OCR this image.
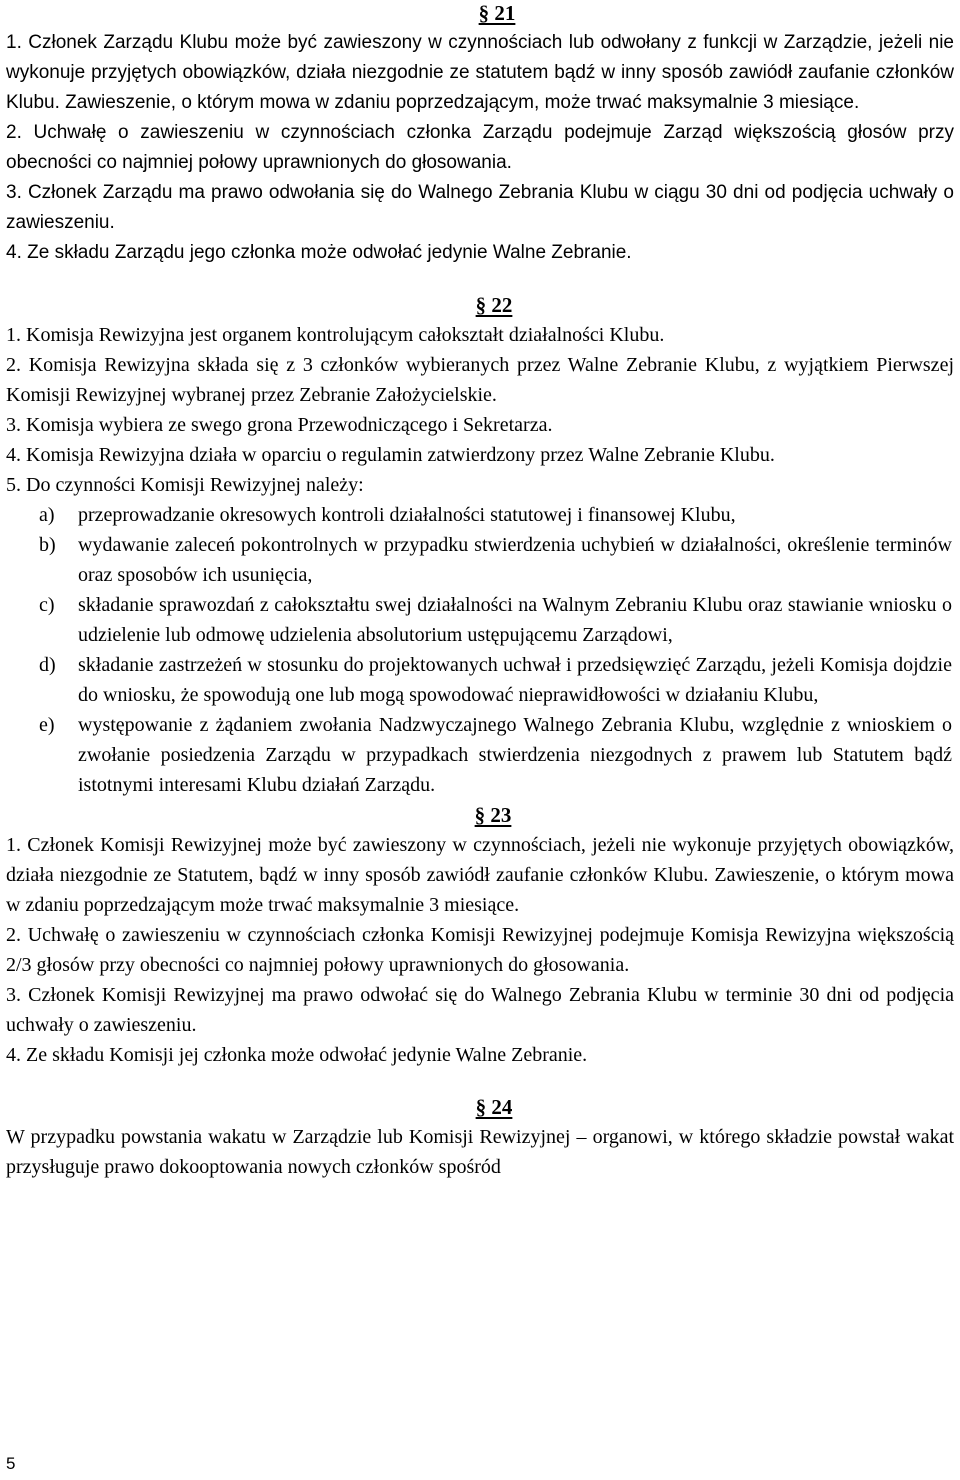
§ 21

1. Członek Zarządu Klubu może być zawieszony w czynnościach lub odwołany z funkcji w Zarządzie, jeżeli nie wykonuje przyjętych obowiązków, działa niezgodnie ze statutem bądź w inny sposób zawiódł zaufanie członków Klubu. Zawieszenie, o którym mowa w zdaniu poprzedzającym, może trwać maksymalnie 3 miesiące.

2. Uchwałę o zawieszeniu w czynnościach członka Zarządu podejmuje Zarząd większością głosów przy obecności co najmniej połowy uprawnionych do głosowania.

3. Członek Zarządu ma prawo odwołania się do Walnego Zebrania Klubu w ciągu 30 dni od podjęcia uchwały o zawieszeniu.

4. Ze składu Zarządu jego członka może odwołać jedynie Walne Zebranie.

§ 22

1. Komisja Rewizyjna jest organem kontrolującym całokształt działalności Klubu.

2. Komisja Rewizyjna składa się z 3 członków wybieranych przez Walne Zebranie Klubu, z wyjątkiem Pierwszej Komisji Rewizyjnej wybranej przez Zebranie Założycielskie.

3. Komisja wybiera ze swego grona Przewodniczącego i Sekretarza.

4. Komisja Rewizyjna działa w oparciu o regulamin zatwierdzony przez Walne Zebranie Klubu.

5. Do czynności Komisji Rewizyjnej należy:

a) przeprowadzanie okresowych kontroli działalności statutowej i finansowej Klubu,
b) wydawanie zaleceń pokontrolnych w przypadku stwierdzenia uchybień w działalności, określenie terminów oraz sposobów ich usunięcia,
c) składanie sprawozdań z całokształtu swej działalności na Walnym Zebraniu Klubu oraz stawianie wniosku o udzielenie lub odmowę udzielenia absolutorium ustępującemu Zarządowi,
d) składanie zastrzeżeń w stosunku do projektowanych uchwał i przedsięwzięć Zarządu, jeżeli Komisja dojdzie do wniosku, że spowodują one lub mogą spowodować nieprawidłowości w działaniu Klubu,
e) występowanie z żądaniem zwołania Nadzwyczajnego Walnego Zebrania Klubu, względnie z wnioskiem o zwołanie posiedzenia Zarządu w przypadkach stwierdzenia niezgodnych z prawem lub Statutem bądź istotnymi interesami Klubu działań Zarządu.
§ 23

1. Członek Komisji Rewizyjnej może być zawieszony w czynnościach, jeżeli nie wykonuje przyjętych obowiązków, działa niezgodnie ze Statutem, bądź w inny sposób zawiódł zaufanie członków Klubu. Zawieszenie, o którym mowa w zdaniu poprzedzającym może trwać maksymalnie 3 miesiące.

2. Uchwałę o zawieszeniu w czynnościach członka Komisji Rewizyjnej podejmuje Komisja Rewizyjna większością 2/3 głosów przy obecności co najmniej połowy uprawnionych do głosowania.

3. Członek Komisji Rewizyjnej ma prawo odwołać się do Walnego Zebrania Klubu w terminie 30 dni od podjęcia uchwały o zawieszeniu.

4. Ze składu Komisji jej członka może odwołać jedynie Walne Zebranie.

§ 24

W przypadku powstania wakatu w Zarządzie lub Komisji Rewizyjnej – organowi, w którego składzie powstał wakat przysługuje prawo dokooptowania nowych członków spośród

5
